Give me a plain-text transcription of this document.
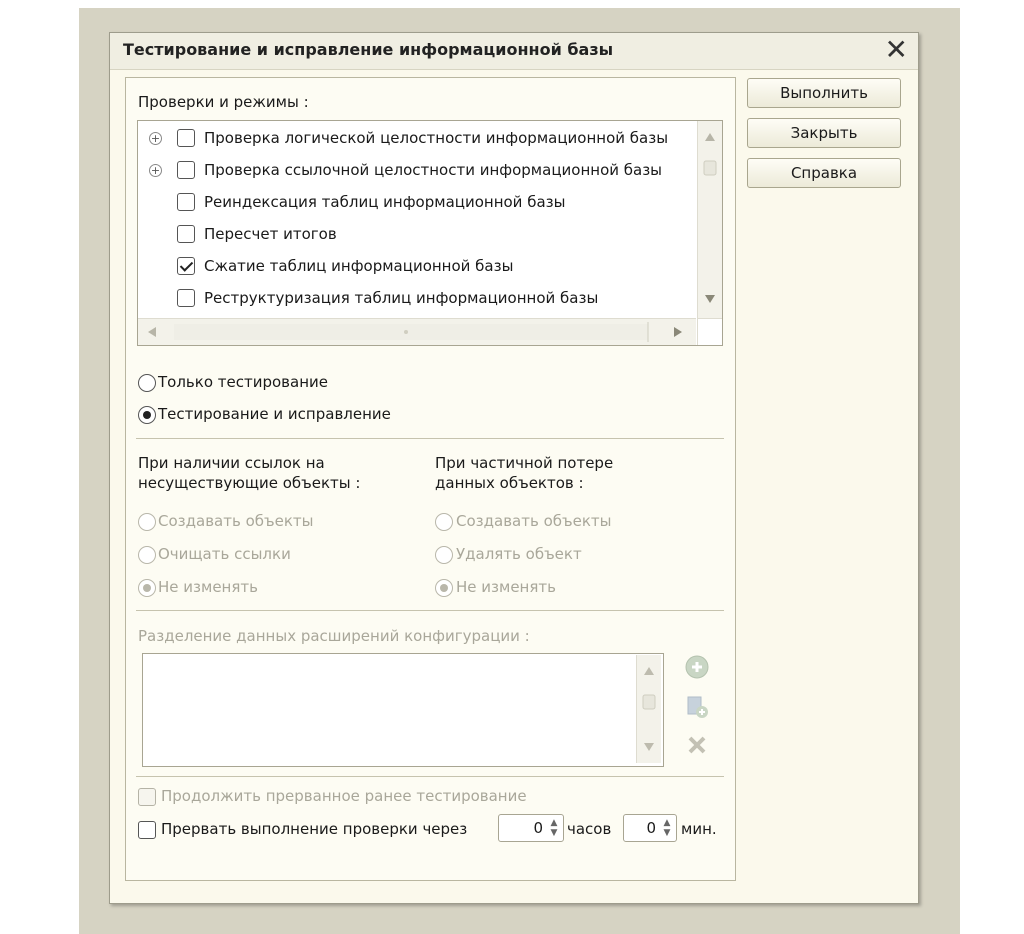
Тестирование и исправление информационной базы	✕
Выполнить
Закрыть
Справка
Проверки и режимы :
+	Проверка логической целостности информационной базы
+	Проверка ссылочной целостности информационной базы
Реиндексация таблиц информационной базы
Пересчет итогов
Сжатие таблиц информационной базы
Реструктуризация таблиц информационной базы
Только тестирование
Тестирование и исправление
При наличии ссылок на
несуществующие объекты :
Создавать объекты
Очищать ссылки
Не изменять
При частичной потере
данных объектов :
Создавать объекты
Удалять объект
Не изменять
Разделение данных расширений конфигурации :
Продолжить прерванное ранее тестирование
Прервать выполнение проверки через	0 ▲
▼ часов 0 ▲
▼ мин.
